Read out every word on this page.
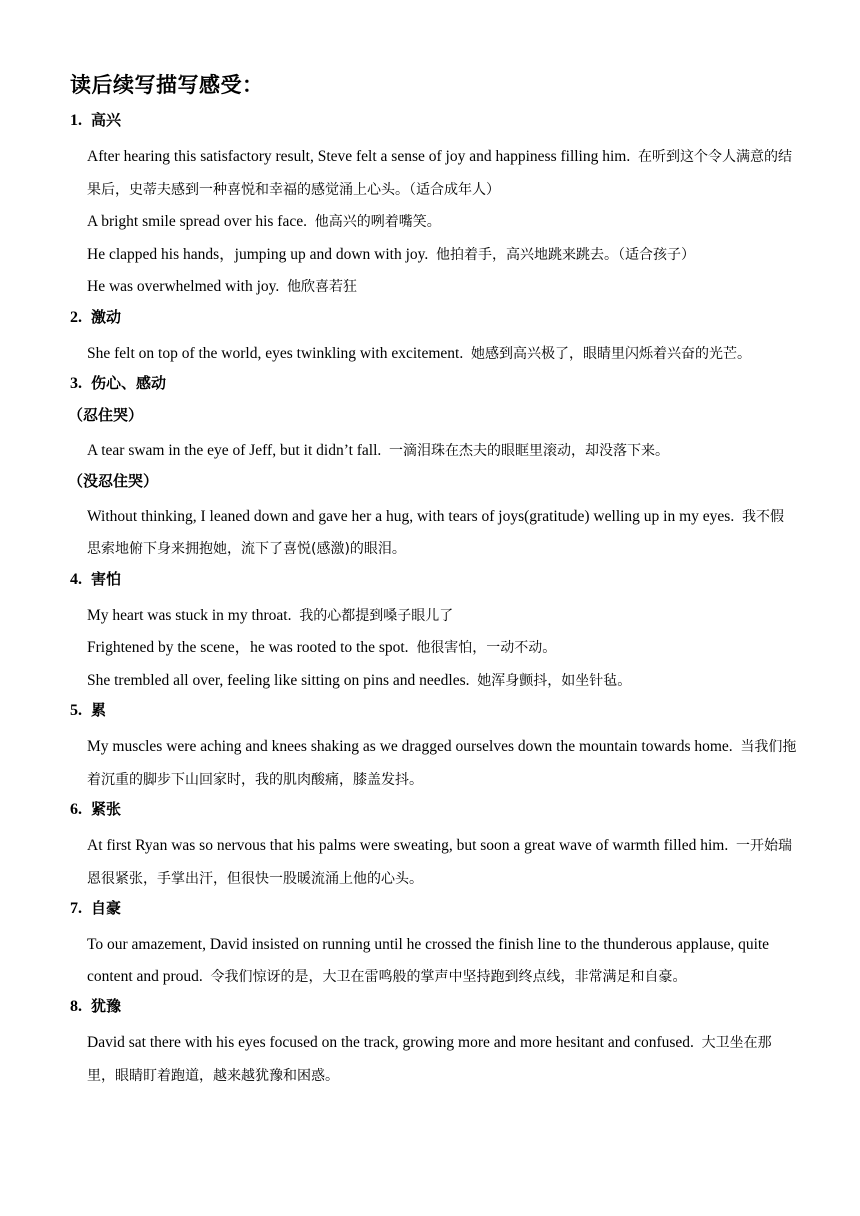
读后续写描写感受：
1. 高兴
After hearing this satisfactory result, Steve felt a sense of joy and happiness filling him. 在听到这个令人满意的结果后，史蒂夫感到一种喜悦和幸福的感觉涌上心头。（适合成年人）
A bright smile spread over his face. 他高兴的咧着嘴笑。
He clapped his hands，jumping up and down with joy. 他拍着手，高兴地跳来跳去。（适合孩子）
He was overwhelmed with joy. 他欣喜若狂
2. 激动
She felt on top of the world, eyes twinkling with excitement. 她感到高兴极了，眼睛里闪烁着兴奋的光芒。
3. 伤心、感动
（忍住哭）
A tear swam in the eye of Jeff, but it didn’t fall. 一滴泪珠在杰夫的眼眶里滚动，却没落下来。
（没忍住哭）
Without thinking, I leaned down and gave her a hug, with tears of joys(gratitude) welling up in my eyes. 我不假思索地俯下身来拥抱她，流下了喜悦(感激)的眼泪。
4. 害怕
My heart was stuck in my throat. 我的心都提到嗓子眼儿了
Frightened by the scene，he was rooted to the spot. 他很害怕，一动不动。
She trembled all over, feeling like sitting on pins and needles. 她浑身颤抖，如坐针毡。
5. 累
My muscles were aching and knees shaking as we dragged ourselves down the mountain towards home. 当我们拖着沉重的脚步下山回家时，我的肌肉酸痛，膝盖发抖。
6. 紧张
At first Ryan was so nervous that his palms were sweating, but soon a great wave of warmth filled him. 一开始瑞恩很紧张，手掌出汗，但很快一股暖流涌上他的心头。
7. 自豪
To our amazement, David insisted on running until he crossed the finish line to the thunderous applause, quite content and proud. 令我们惊讶的是，大卫在雷鸣般的掌声中坚持跑到终点线，非常满足和自豪。
8. 犹豫
David sat there with his eyes focused on the track, growing more and more hesitant and confused. 大卫坐在那里，眼睛盯着跑道，越来越犹豫和困惑。
